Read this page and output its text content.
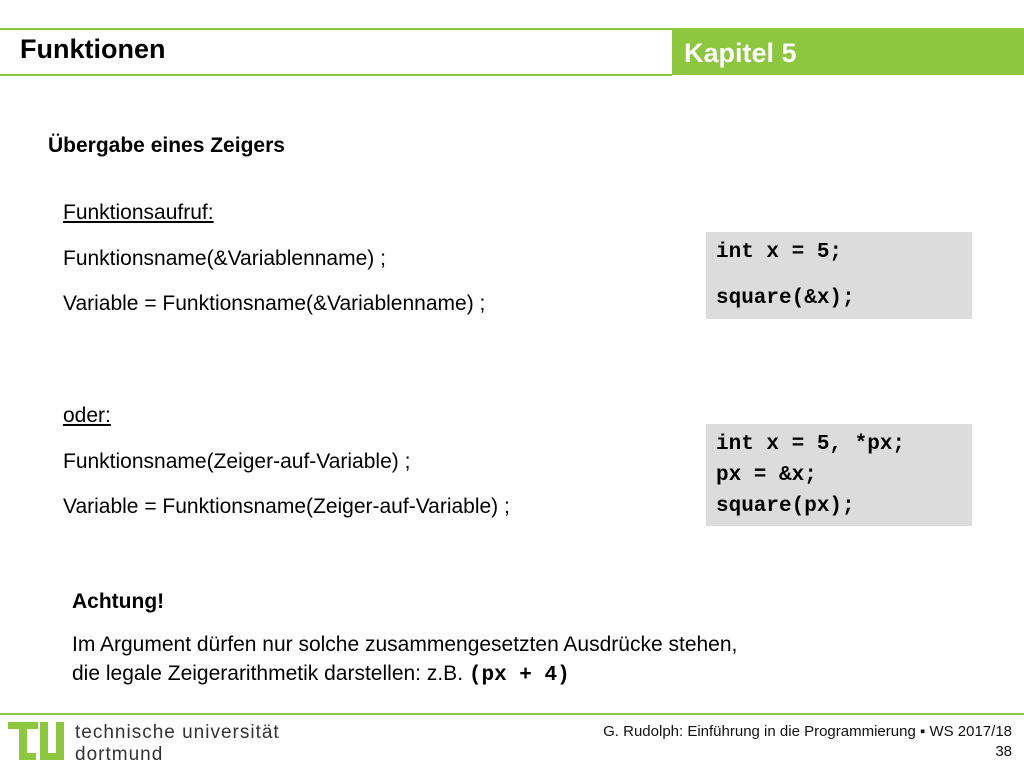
Funktionen	Kapitel 5
Übergabe eines Zeigers
Funktionsaufruf:
Funktionsname(&Variablenname) ;
Variable = Funktionsname(&Variablenname) ;
int x = 5;
square(&x);
oder:
Funktionsname(Zeiger-auf-Variable) ;
Variable = Funktionsname(Zeiger-auf-Variable) ;
int x = 5, *px;
px = &x;
square(px);
Achtung!
Im Argument dürfen nur solche zusammengesetzten Ausdrücke stehen,
die legale Zeigerarithmetik darstellen: z.B. (px + 4)
technische universität
dortmund
G. Rudolph: Einführung in die Programmierung ▪ WS 2017/18
38
